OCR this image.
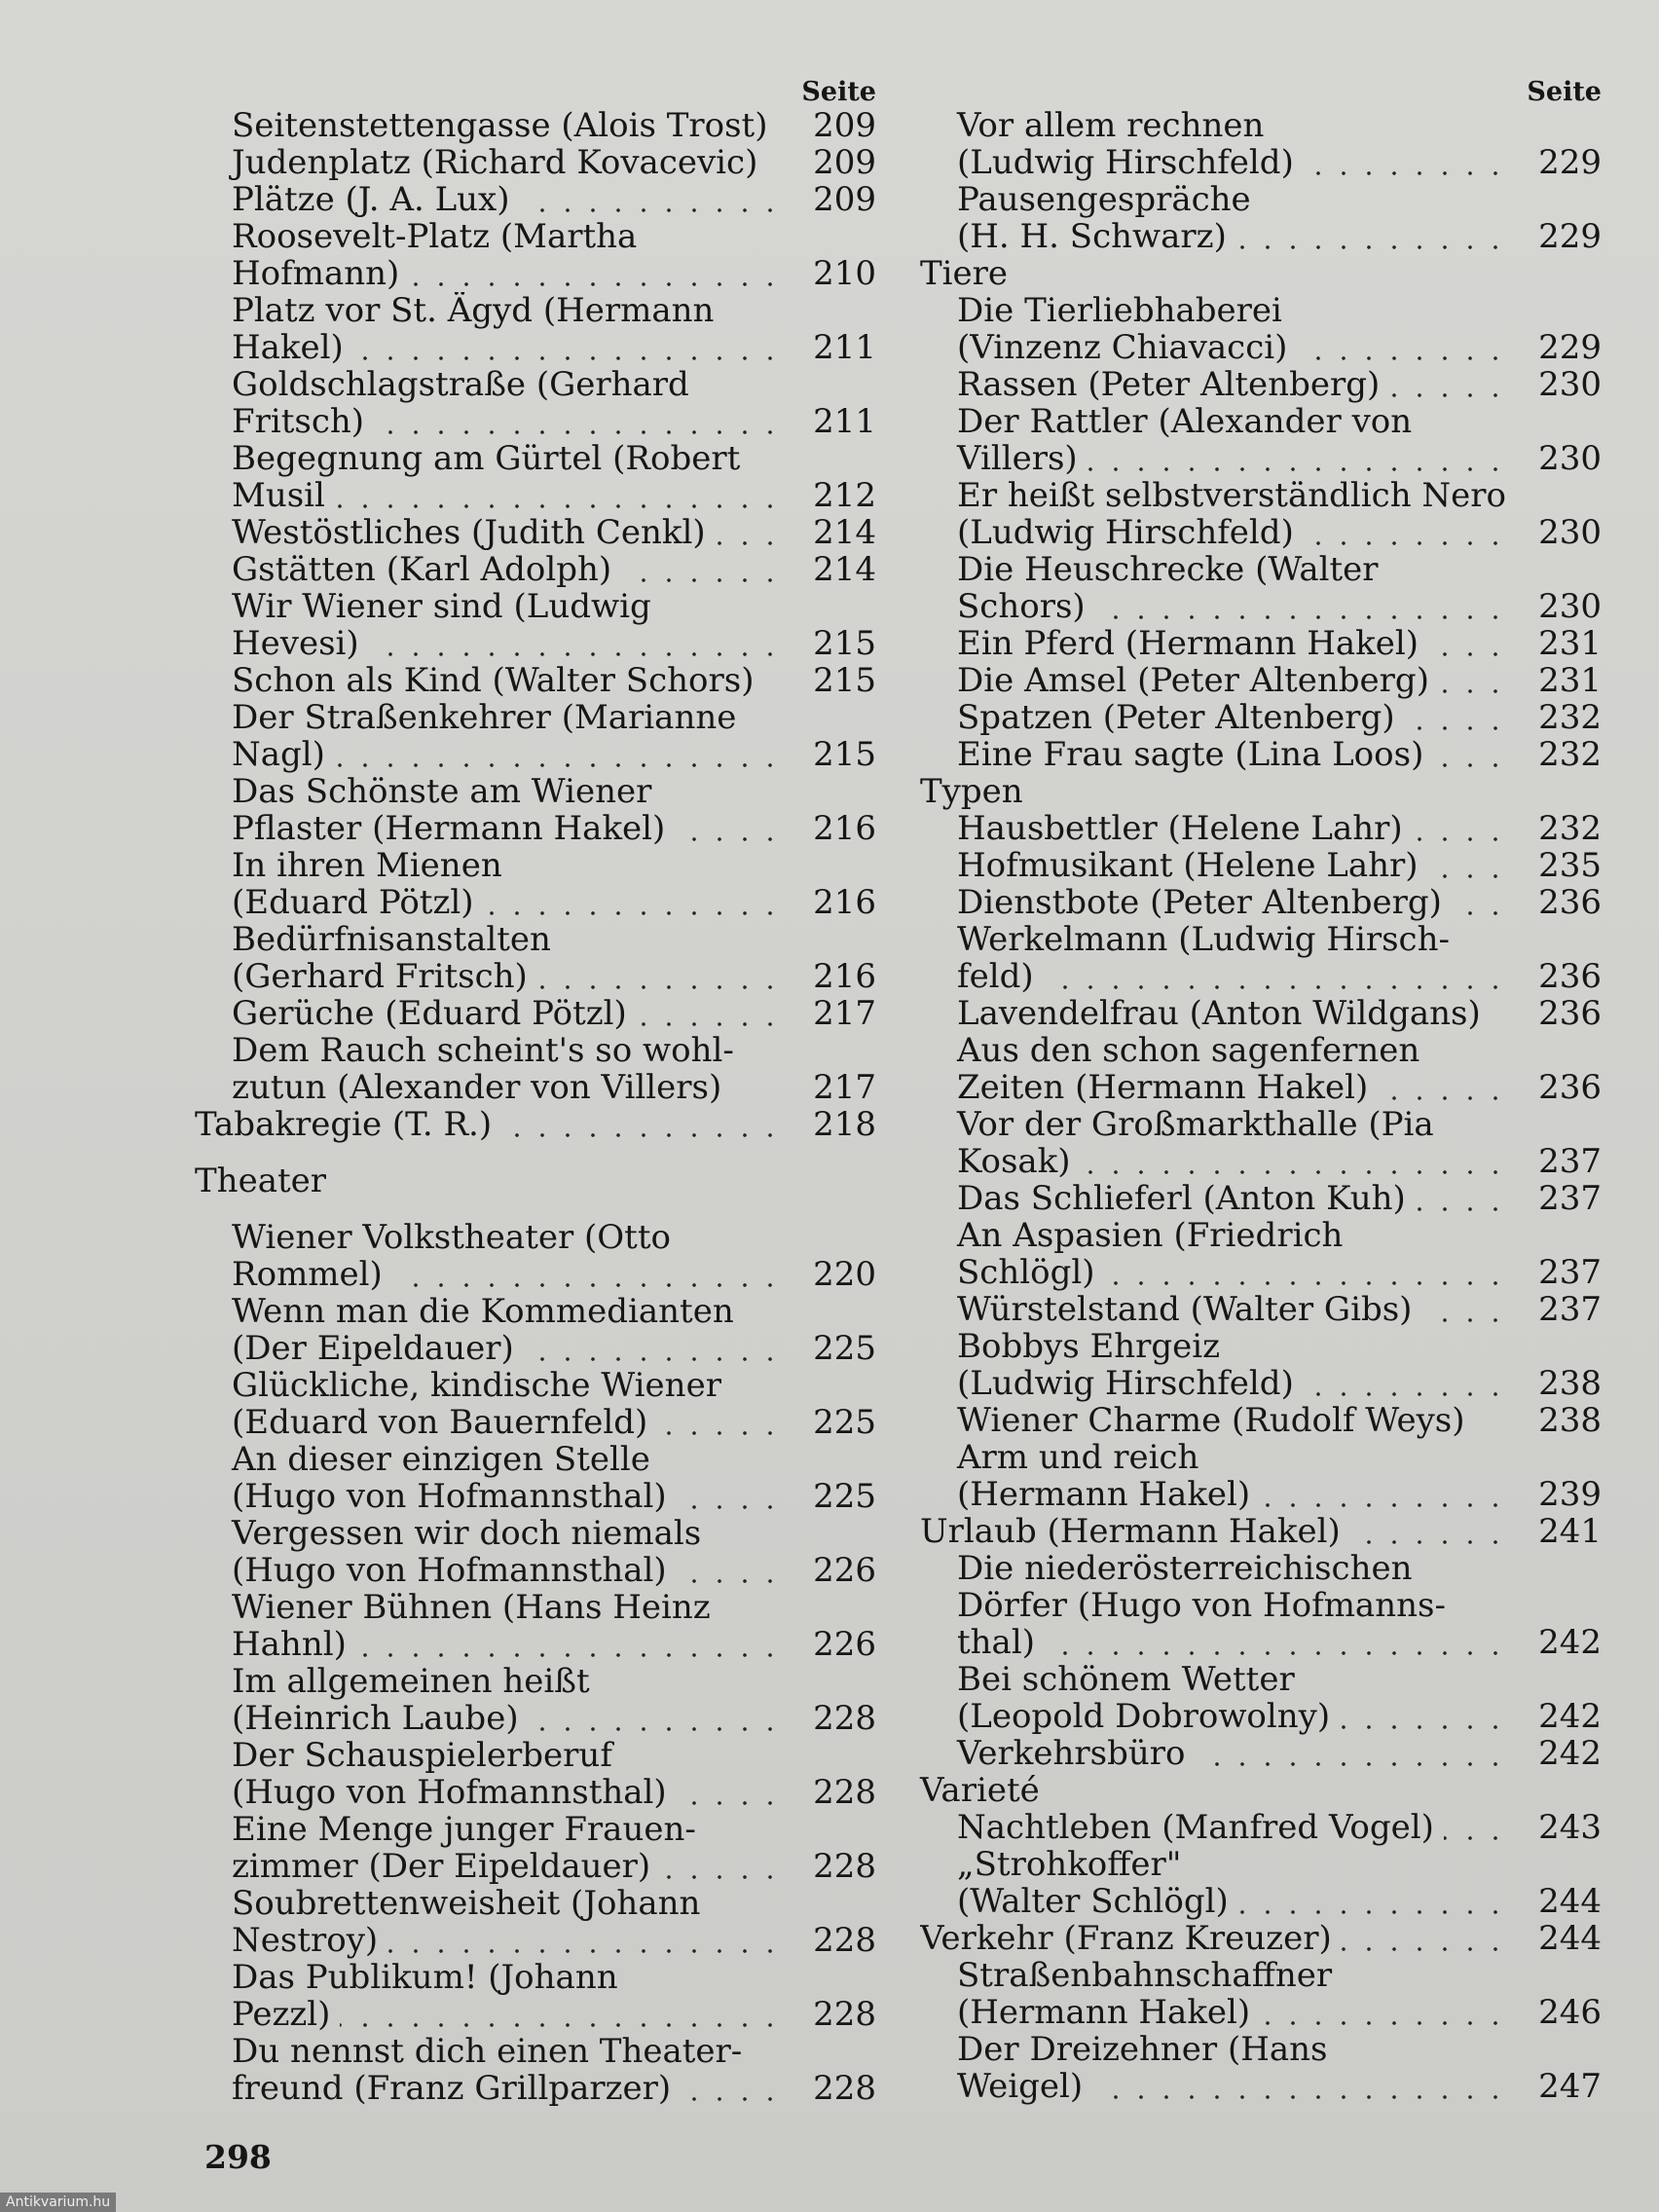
Seite
Seitenstettengasse (Alois Trost)	209
Judenplatz (Richard Kovacevic)	209
Plätze (J. A. Lux)	209
Roosevelt-Platz (Martha
Hofmann)	210
Platz vor St. Ägyd (Hermann
Hakel)	211
Goldschlagstraße (Gerhard
Fritsch)	211
Begegnung am Gürtel (Robert
Musil	212
Westöstliches (Judith Cenkl)	214
Gstätten (Karl Adolph)	214
Wir Wiener sind (Ludwig
Hevesi)	215
Schon als Kind (Walter Schors)	215
Der Straßenkehrer (Marianne
Nagl)	215
Das Schönste am Wiener
Pflaster (Hermann Hakel)	216
In ihren Mienen
(Eduard Pötzl)	216
Bedürfnisanstalten
(Gerhard Fritsch)	216
Gerüche (Eduard Pötzl)	217
Dem Rauch scheint's so wohl-
zutun (Alexander von Villers)	217
Tabakregie (T. R.)	218
Theater
Wiener Volkstheater (Otto
Rommel)	220
Wenn man die Kommedianten
(Der Eipeldauer)	225
Glückliche, kindische Wiener
(Eduard von Bauernfeld)	225
An dieser einzigen Stelle
(Hugo von Hofmannsthal)	225
Vergessen wir doch niemals
(Hugo von Hofmannsthal)	226
Wiener Bühnen (Hans Heinz
Hahnl)	226
Im allgemeinen heißt
(Heinrich Laube)	228
Der Schauspielerberuf
(Hugo von Hofmannsthal)	228
Eine Menge junger Frauen-
zimmer (Der Eipeldauer)	228
Soubrettenweisheit (Johann
Nestroy)	228
Das Publikum! (Johann
Pezzl)	228
Du nennst dich einen Theater-
freund (Franz Grillparzer)	228
Seite
Vor allem rechnen
(Ludwig Hirschfeld)	229
Pausengespräche
(H. H. Schwarz)	229
Tiere
Die Tierliebhaberei
(Vinzenz Chiavacci)	229
Rassen (Peter Altenberg)	230
Der Rattler (Alexander von
Villers)	230
Er heißt selbstverständlich Nero
(Ludwig Hirschfeld)	230
Die Heuschrecke (Walter
Schors)	230
Ein Pferd (Hermann Hakel)	231
Die Amsel (Peter Altenberg)	231
Spatzen (Peter Altenberg)	232
Eine Frau sagte (Lina Loos)	232
Typen
Hausbettler (Helene Lahr)	232
Hofmusikant (Helene Lahr)	235
Dienstbote (Peter Altenberg)	236
Werkelmann (Ludwig Hirsch-
feld)	236
Lavendelfrau (Anton Wildgans)	236
Aus den schon sagenfernen
Zeiten (Hermann Hakel)	236
Vor der Großmarkthalle (Pia
Kosak)	237
Das Schlieferl (Anton Kuh)	237
An Aspasien (Friedrich
Schlögl)	237
Würstelstand (Walter Gibs)	237
Bobbys Ehrgeiz
(Ludwig Hirschfeld)	238
Wiener Charme (Rudolf Weys)	238
Arm und reich
(Hermann Hakel)	239
Urlaub (Hermann Hakel)	241
Die niederösterreichischen
Dörfer (Hugo von Hofmanns-
thal)	242
Bei schönem Wetter
(Leopold Dobrowolny)	242
Verkehrsbüro	242
Varieté
Nachtleben (Manfred Vogel)	243
„Strohkoffer"
(Walter Schlögl)	244
Verkehr (Franz Kreuzer)	244
Straßenbahnschaffner
(Hermann Hakel)	246
Der Dreizehner (Hans
Weigel)	247
298
Antikvarium.hu
